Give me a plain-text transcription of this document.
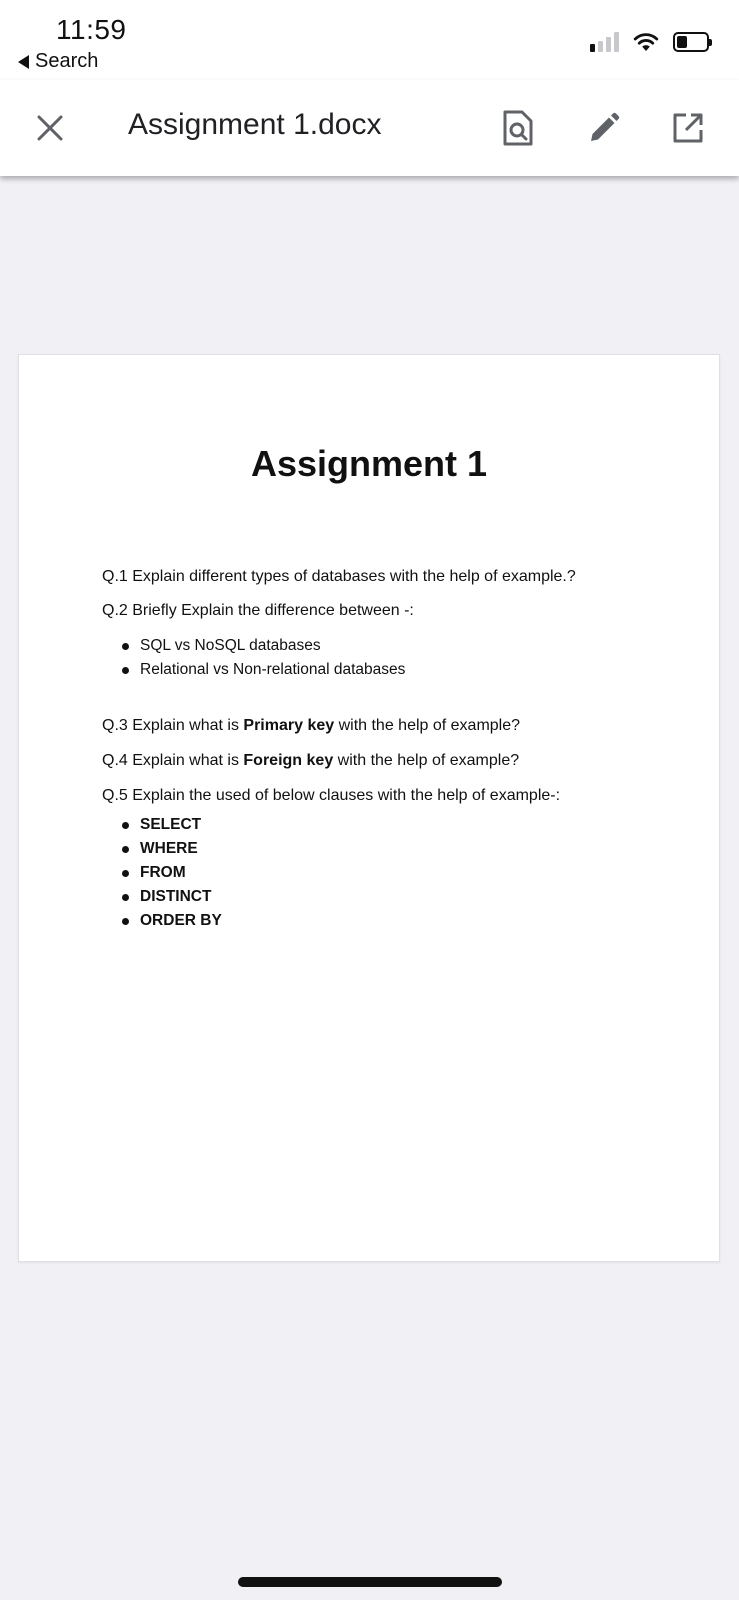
11:59
Search
Assignment 1.docx
Assignment 1
Q.1 Explain different types of databases with the help of example.?
Q.2 Briefly Explain the difference between -:
SQL vs NoSQL databases
Relational vs Non-relational databases
Q.3 Explain what is Primary key with the help of example?
Q.4 Explain what is Foreign key with the help of example?
Q.5 Explain the used of below clauses with the help of example-:
SELECT
WHERE
FROM
DISTINCT
ORDER BY
